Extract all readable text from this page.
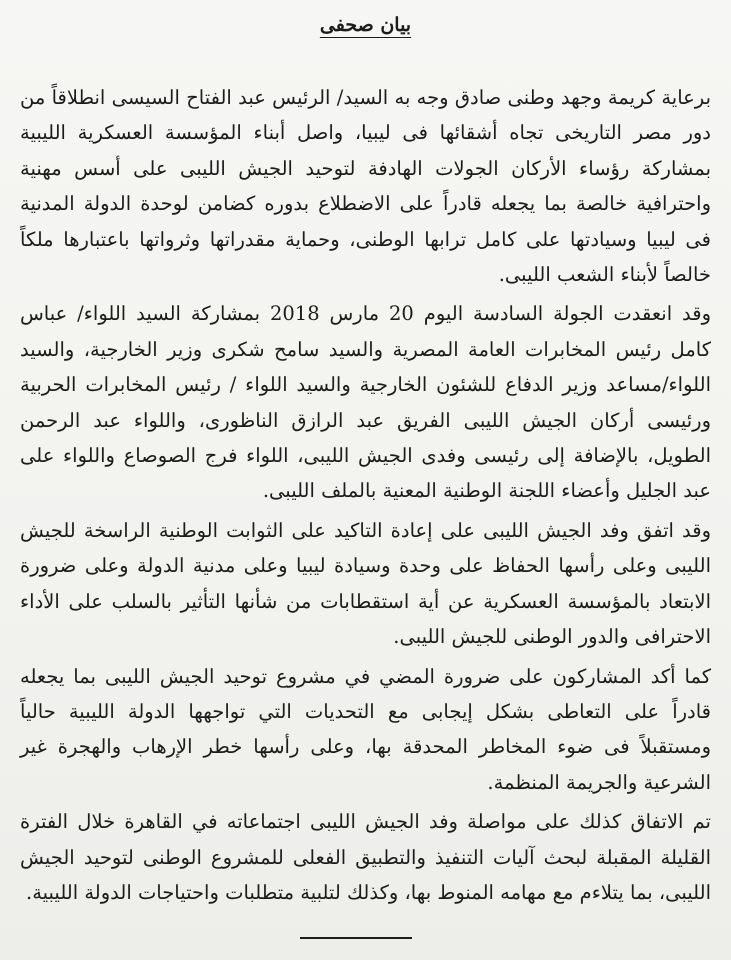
بيان صحفى

برعاية كريمة وجهد وطنى صادق وجه به السيد/ الرئيس عبد الفتاح السيسى انطلاقاً من دور مصر التاريخى تجاه أشقائها فى ليبيا، واصل أبناء المؤسسة العسكرية الليبية بمشاركة رؤساء الأركان الجولات الهادفة لتوحيد الجيش الليبى على أسس مهنية واحترافية خالصة بما يجعله قادراً على الاضطلاع بدوره كضامن لوحدة الدولة المدنية فى ليبيا وسيادتها على كامل ترابها الوطنى، وحماية مقدراتها وثرواتها باعتبارها ملكاً خالصاً لأبناء الشعب الليبى.

وقد انعقدت الجولة السادسة اليوم 20 مارس 2018 بمشاركة السيد اللواء/ عباس كامل رئيس المخابرات العامة المصرية والسيد سامح شكرى وزير الخارجية، والسيد اللواء/مساعد وزير الدفاع للشئون الخارجية والسيد اللواء / رئيس المخابرات الحربية ورئيسى أركان الجيش الليبى الفريق عبد الرازق الناظورى، واللواء عبد الرحمن الطويل، بالإضافة إلى رئيسى وفدى الجيش الليبى، اللواء فرج الصوصاع واللواء على عبد الجليل وأعضاء اللجنة الوطنية المعنية بالملف الليبى.

وقد اتفق وفد الجيش الليبى على إعادة التاكيد على الثوابت الوطنية الراسخة للجيش الليبى وعلى رأسها الحفاظ على وحدة وسيادة ليبيا وعلى مدنية الدولة وعلى ضرورة الابتعاد بالمؤسسة العسكرية عن أية استقطابات من شأنها التأثير بالسلب على الأداء الاحترافى والدور الوطنى للجيش الليبى.

كما أكد المشاركون على ضرورة المضي في مشروع توحيد الجيش الليبى بما يجعله قادراً على التعاطى بشكل إيجابى مع التحديات التي تواجهها الدولة الليبية حالياً ومستقبلاً فى ضوء المخاطر المحدقة بها، وعلى رأسها خطر الإرهاب والهجرة غير الشرعية والجريمة المنظمة.

تم الاتفاق كذلك على مواصلة وفد الجيش الليبى اجتماعاته في القاهرة خلال الفترة القليلة المقبلة لبحث آليات التنفيذ والتطبيق الفعلى للمشروع الوطنى لتوحيد الجيش الليبى، بما يتلاءم مع مهامه المنوط بها، وكذلك لتلبية متطلبات واحتياجات الدولة الليبية.
